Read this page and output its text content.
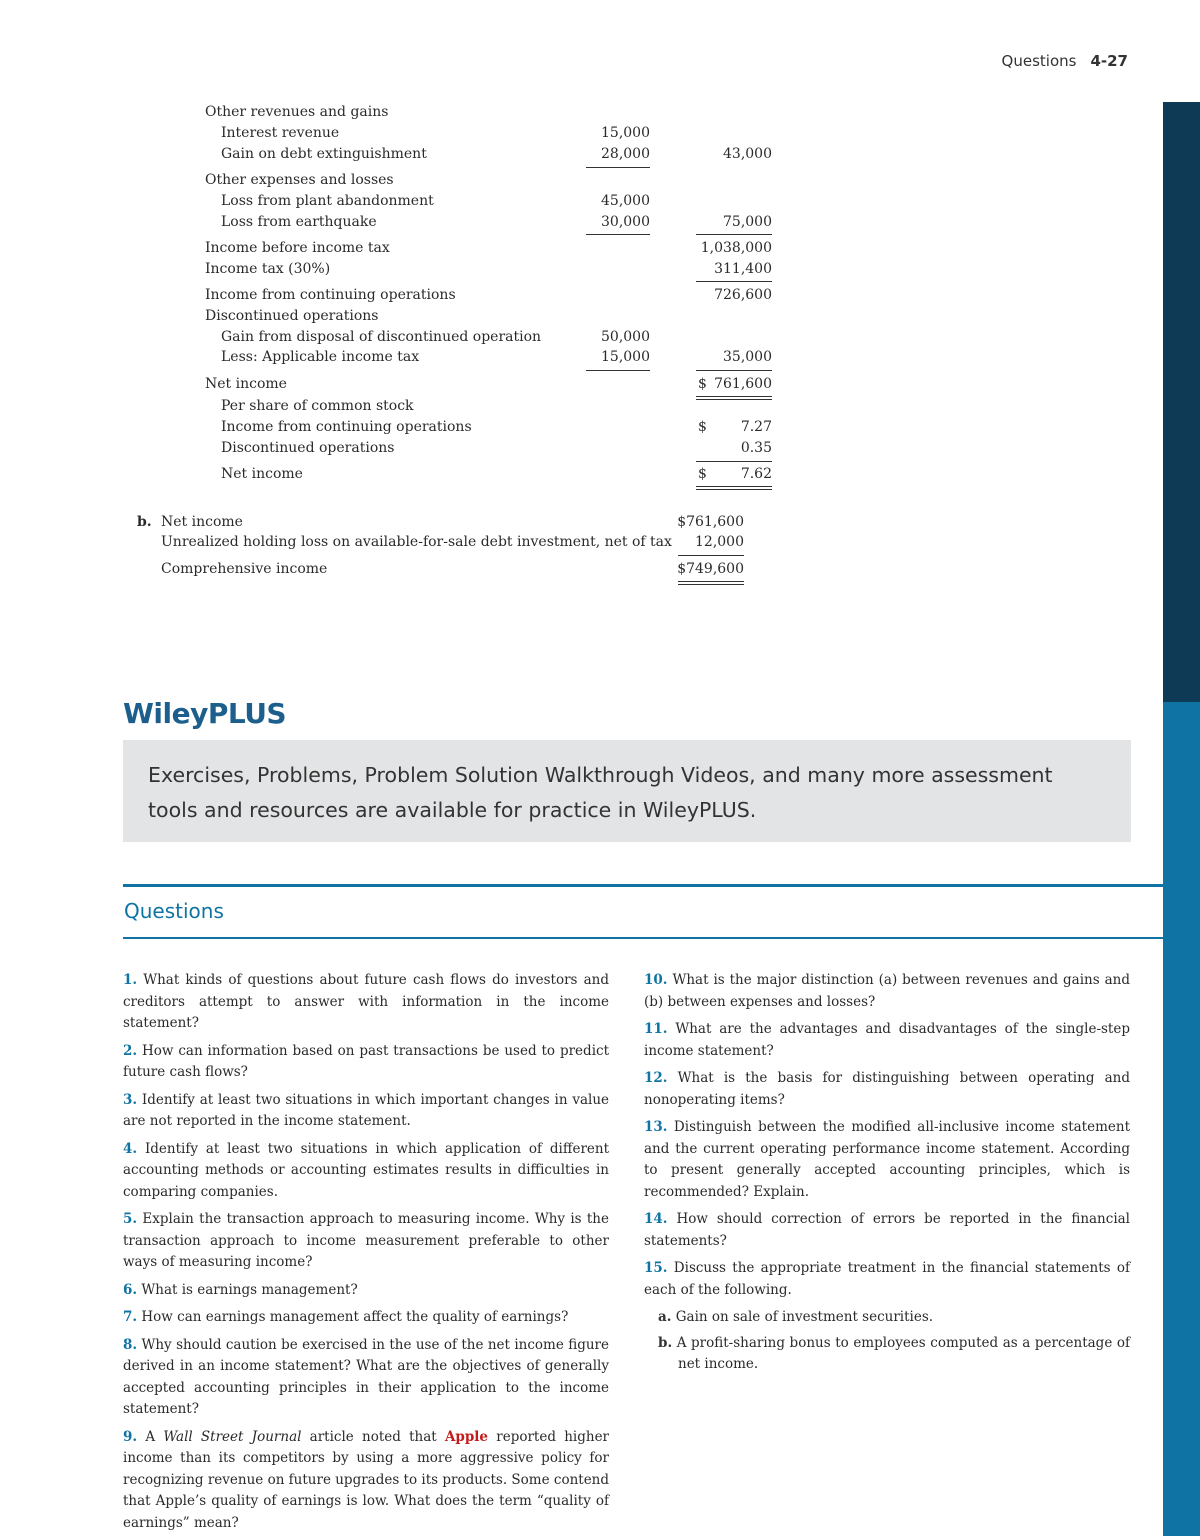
Questions 4-27
Other revenues and gains
Interest revenue	15,000
Gain on debt extinguishment	28,000	43,000
Other expenses and losses
Loss from plant abandonment	45,000
Loss from earthquake	30,000	75,000
Income before income tax	1,038,000
Income tax (30%)	311,400
Income from continuing operations	726,600
Discontinued operations
Gain from disposal of discontinued operation	50,000
Less: Applicable income tax	15,000	35,000
Net income	$ 761,600
Per share of common stock
Income from continuing operations	$	7.27
Discontinued operations	0.35
Net income	$	7.62
b. Net income	$761,600
Unrealized holding loss on available-for-sale debt investment, net of tax	12,000
Comprehensive income	$749,600
WileyPLUS
Exercises, Problems, Problem Solution Walkthrough Videos, and many more assessment
tools and resources are available for practice in WileyPLUS.
Questions

1. What kinds of questions about future cash flows do investors and creditors attempt to answer with information in the income statement?

2. How can information based on past transactions be used to predict future cash flows?

3. Identify at least two situations in which important changes in value are not reported in the income statement.

4. Identify at least two situations in which application of different accounting methods or accounting estimates results in difficulties in comparing companies.

5. Explain the transaction approach to measuring income. Why is the transaction approach to income measurement preferable to other ways of measuring income?

6. What is earnings management?

7. How can earnings management affect the quality of earnings?

8. Why should caution be exercised in the use of the net income figure derived in an income statement? What are the objectives of generally accepted accounting principles in their application to the income statement?

9. A Wall Street Journal article noted that Apple reported higher income than its competitors by using a more aggressive policy for recognizing revenue on future upgrades to its products. Some contend that Apple’s quality of earnings is low. What does the term “quality of earnings” mean?

10. What is the major distinction (a) between revenues and gains and (b) between expenses and losses?

11. What are the advantages and disadvantages of the single-step income statement?

12. What is the basis for distinguishing between operating and nonoperating items?

13. Distinguish between the modified all-inclusive income statement and the current operating performance income statement. According to present generally accepted accounting principles, which is recommended? Explain.

14. How should correction of errors be reported in the financial statements?

15. Discuss the appropriate treatment in the financial statements of each of the following.

a. Gain on sale of investment securities.

b. A profit-sharing bonus to employees computed as a percentage of net income.
